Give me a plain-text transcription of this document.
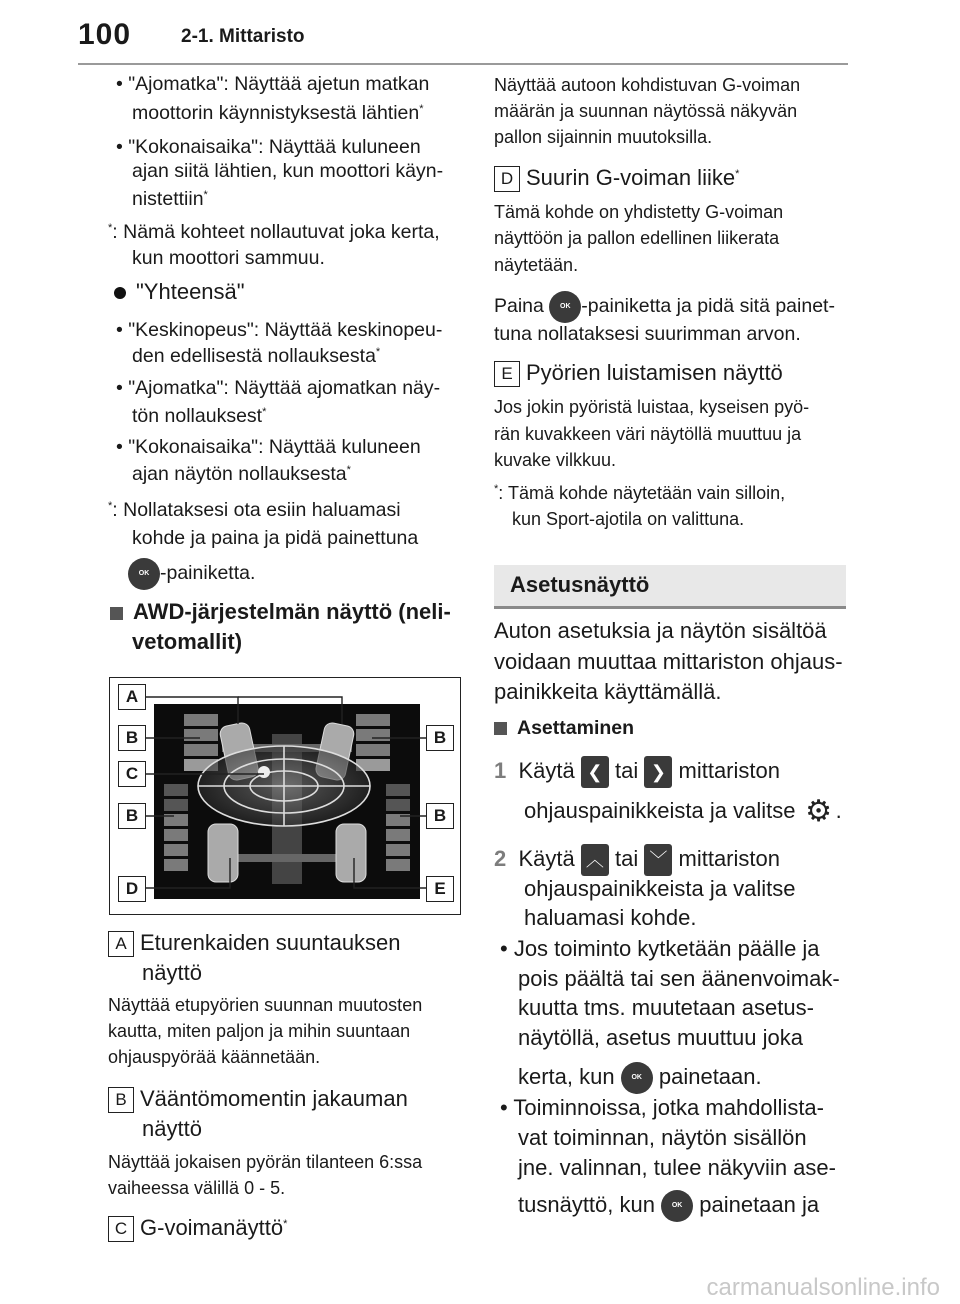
100	2-1. Mittaristo
• "Ajomatka": Näyttää ajetun matkan
moottorin käynnistyksestä lähtien*
• "Kokonaisaika": Näyttää kuluneen
ajan siitä lähtien, kun moottori käyn-
nistettiin*
*: Nämä kohteet nollautuvat joka kerta,
kun moottori sammuu.
"Yhteensä"
• "Keskinopeus": Näyttää keskinopeu-
den edellisestä nollauksesta*
• "Ajomatka": Näyttää ajomatkan näy-
tön nollauksest*
• "Kokonaisaika": Näyttää kuluneen
ajan näytön nollauksesta*
*: Nollataksesi ota esiin haluamasi
kohde ja paina ja pidä painettuna
OK -painiketta.
AWD-järjestelmän näyttö (neli-
vetomallit)
A Eturenkaiden suuntauksen
näyttö
Näyttää etupyörien suunnan muutosten
kautta, miten paljon ja mihin suuntaan
ohjauspyörää käännetään.
B Vääntömomentin jakauman
näyttö
Näyttää jokaisen pyörän tilanteen 6:ssa
vaiheessa välillä 0 - 5.
C G-voimanäyttö*
A
B	B
C
B	B
D	E
Näyttää autoon kohdistuvan G-voiman
määrän ja suunnan näytössä näkyvän
pallon sijainnin muutoksilla.
D Suurin G-voiman liike*
Tämä kohde on yhdistetty G-voiman
näyttöön ja pallon edellinen liikerata
näytetään.
Paina OK -painiketta ja pidä sitä painet-
tuna nollataksesi suurimman arvon.
E Pyörien luistamisen näyttö
Jos jokin pyöristä luistaa, kyseisen pyö-
rän kuvakkeen väri näytöllä muuttuu ja
kuvake vilkkuu.
*: Tämä kohde näytetään vain silloin,
kun Sport-ajotila on valittuna.
Auton asetuksia ja näytön sisältöä
voidaan muuttaa mittariston ohjaus-
painikkeita käyttämällä.
Asettaminen
1 Käytä ❮ tai ❯ mittariston
ohjauspainikkeista ja valitse ⚙ .
2 Käytä ︿ tai ﹀ mittariston
ohjauspainikkeista ja valitse
haluamasi kohde.
• Jos toiminto kytketään päälle ja
pois päältä tai sen äänenvoimak-
kuutta tms. muutetaan asetus-
näytöllä, asetus muuttuu joka
kerta, kun OK painetaan.
• Toiminnoissa, jotka mahdollista-
vat toiminnan, näytön sisällön
jne. valinnan, tulee näkyviin ase-
tusnäyttö, kun OK painetaan ja
Asetusnäyttö
carmanualsonline.info
